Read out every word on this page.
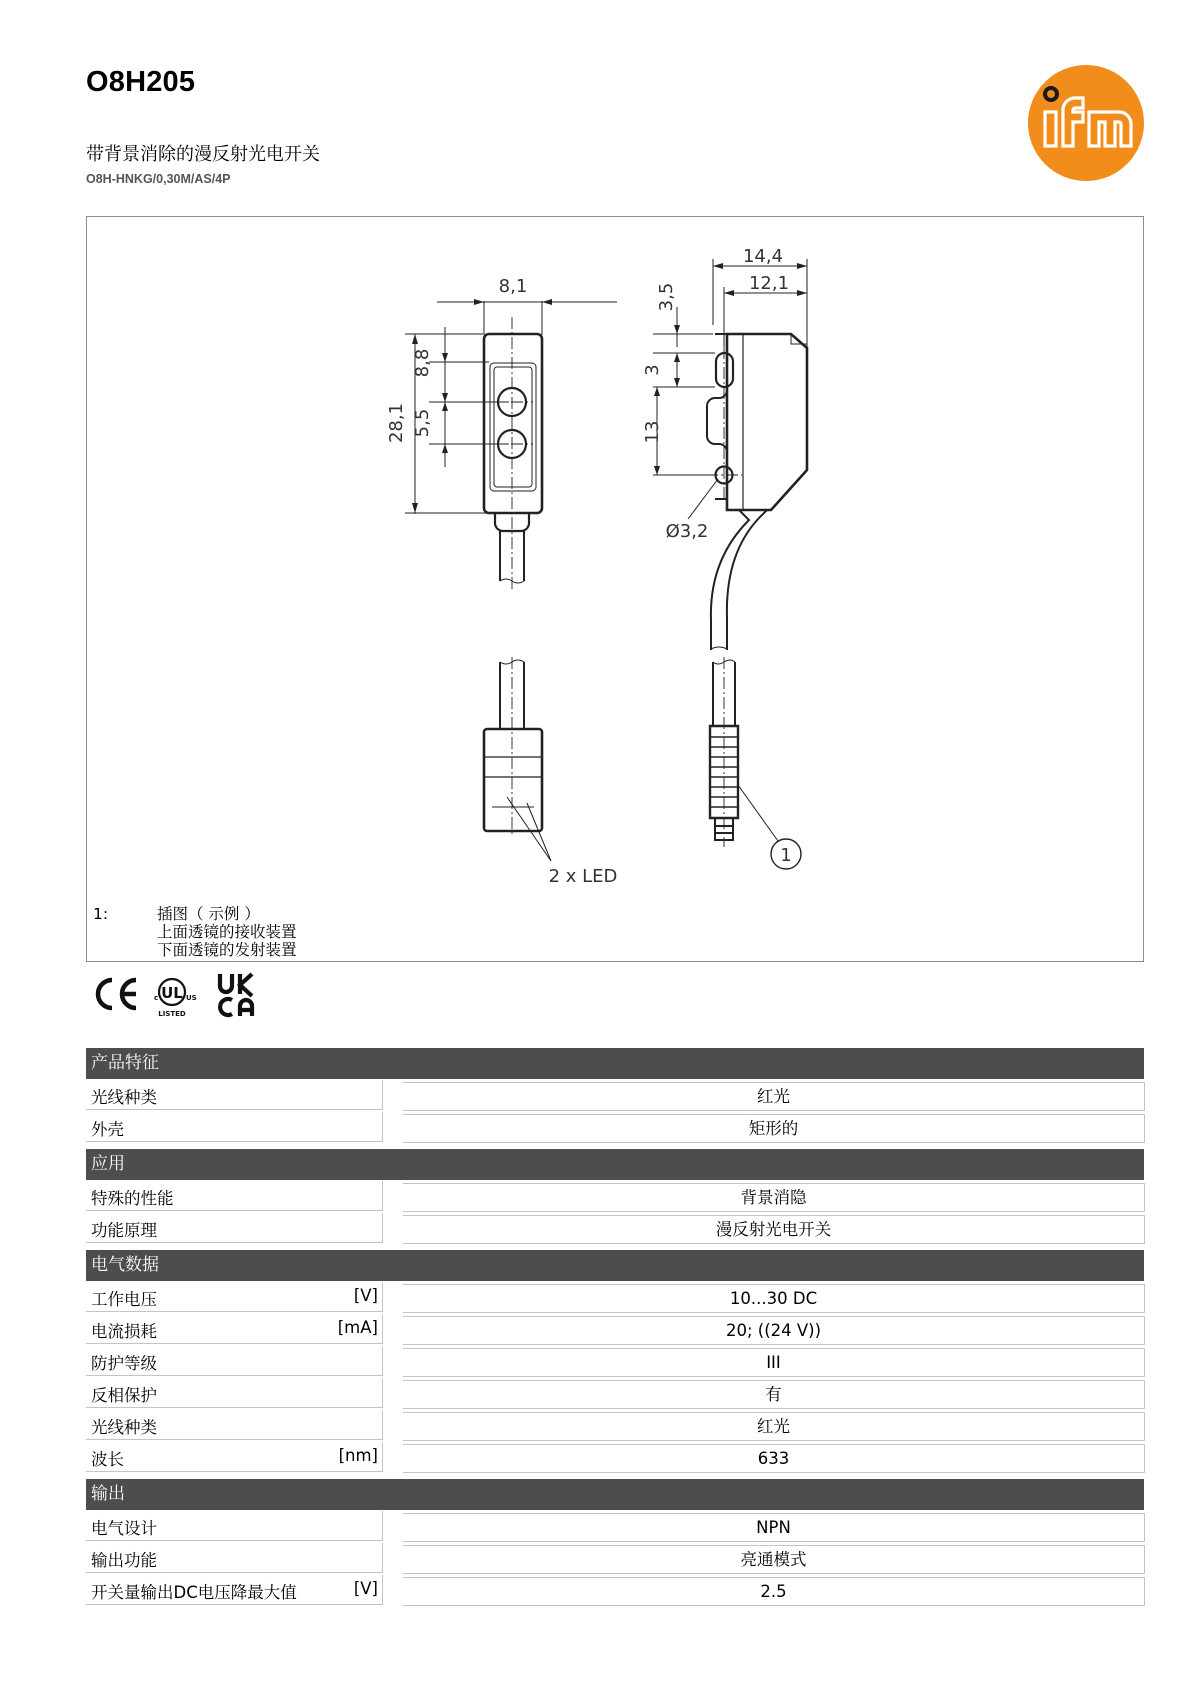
O8H205
带背景消除的漫反射光电开关
O8H-HNKG/0,30M/AS/4P
8,1
8,8
5,5
28,1
14,4
12,1
3,5
3
13
Ø3,2
2 x LED
1
1:	插图（ 示例 ）
上面透镜的接收装置
下面透镜的发射装置
UL
c	US
LISTED
产品特征
光线种类	红光
外壳	矩形的
应用
特殊的性能	背景消隐
功能原理	漫反射光电开关
电气数据
工作电压	[V]	10...30 DC
电流损耗	[mA]	20; ((24 V))
防护等级	III
反相保护	有
光线种类	红光
波长	[nm]	633
输出
电气设计	NPN
输出功能	亮通模式
开关量输出DC电压降最大值	[V]	2.5
